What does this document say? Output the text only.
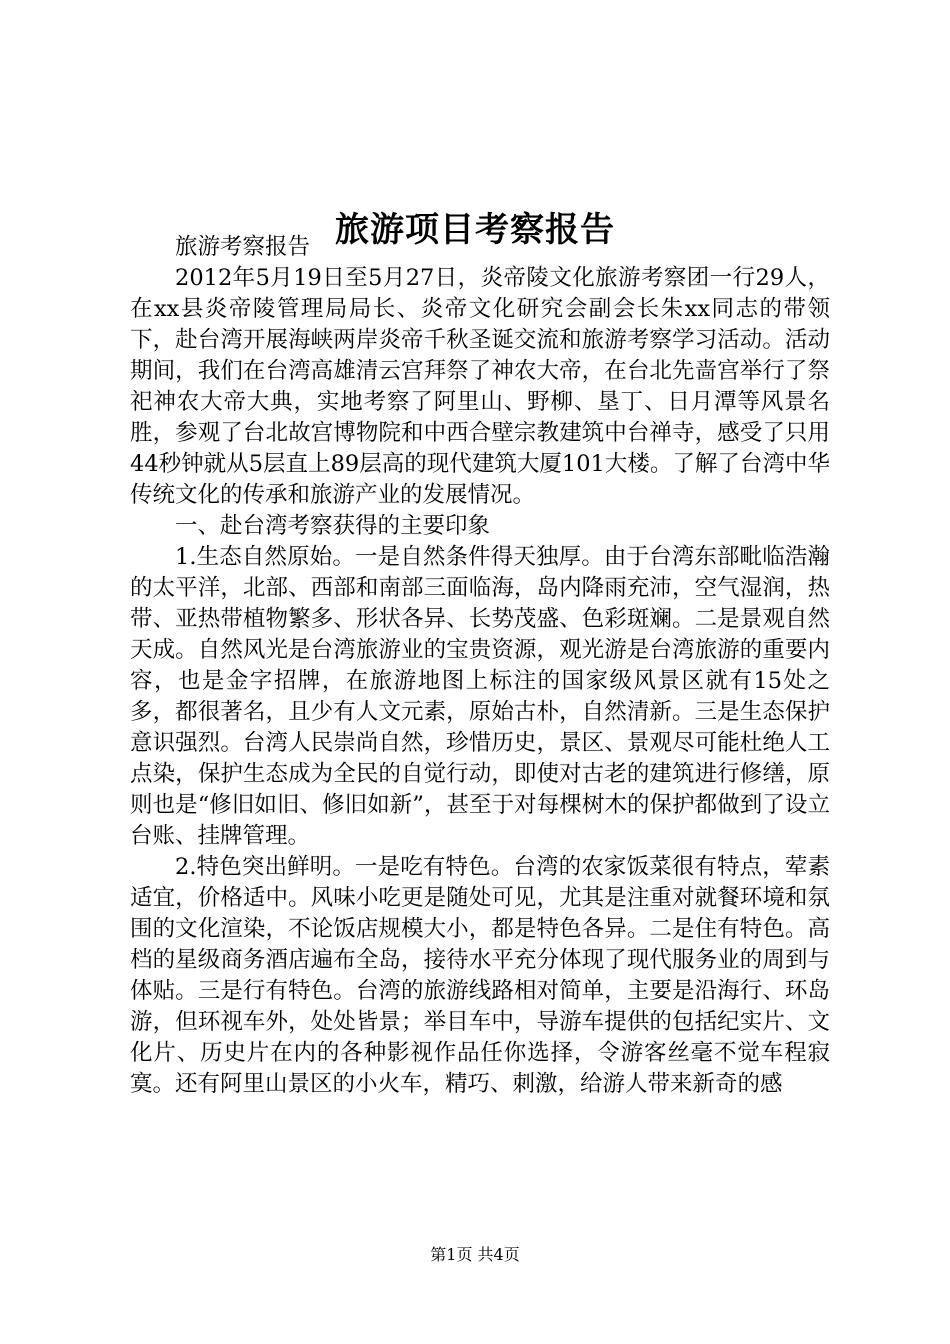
旅游项目考察报告

旅游考察报告

2012年5月19日至5月27日，炎帝陵文化旅游考察团一行29人，在xx县炎帝陵管理局局长、炎帝文化研究会副会长朱xx同志的带领下，赴台湾开展海峡两岸炎帝千秋圣诞交流和旅游考察学习活动。活动期间，我们在台湾高雄清云宫拜祭了神农大帝，在台北先啬宫举行了祭祀神农大帝大典，实地考察了阿里山、野柳、垦丁、日月潭等风景名胜，参观了台北故宫博物院和中西合壁宗教建筑中台禅寺，感受了只用44秒钟就从5层直上89层高的现代建筑大厦101大楼。了解了台湾中华传统文化的传承和旅游产业的发展情况。

一、赴台湾考察获得的主要印象

1.生态自然原始。一是自然条件得天独厚。由于台湾东部毗临浩瀚的太平洋，北部、西部和南部三面临海，岛内降雨充沛，空气湿润，热带、亚热带植物繁多、形状各异、长势茂盛、色彩斑斓。二是景观自然天成。自然风光是台湾旅游业的宝贵资源，观光游是台湾旅游的重要内容，也是金字招牌，在旅游地图上标注的国家级风景区就有15处之多，都很著名，且少有人文元素，原始古朴，自然清新。三是生态保护意识强烈。台湾人民崇尚自然，珍惜历史，景区、景观尽可能杜绝人工点染，保护生态成为全民的自觉行动，即使对古老的建筑进行修缮，原则也是“修旧如旧、修旧如新”，甚至于对每棵树木的保护都做到了设立台账、挂牌管理。

2.特色突出鲜明。一是吃有特色。台湾的农家饭菜很有特点，荤素适宜，价格适中。风味小吃更是随处可见，尤其是注重对就餐环境和氛围的文化渲染，不论饭店规模大小，都是特色各异。二是住有特色。高档的星级商务酒店遍布全岛，接待水平充分体现了现代服务业的周到与体贴。三是行有特色。台湾的旅游线路相对简单，主要是沿海行、环岛游，但环视车外，处处皆景；举目车中，导游车提供的包括纪实片、文化片、历史片在内的各种影视作品任你选择，令游客丝毫不觉车程寂寞。还有阿里山景区的小火车，精巧、刺激，给游人带来新奇的感

第1页 共4页
